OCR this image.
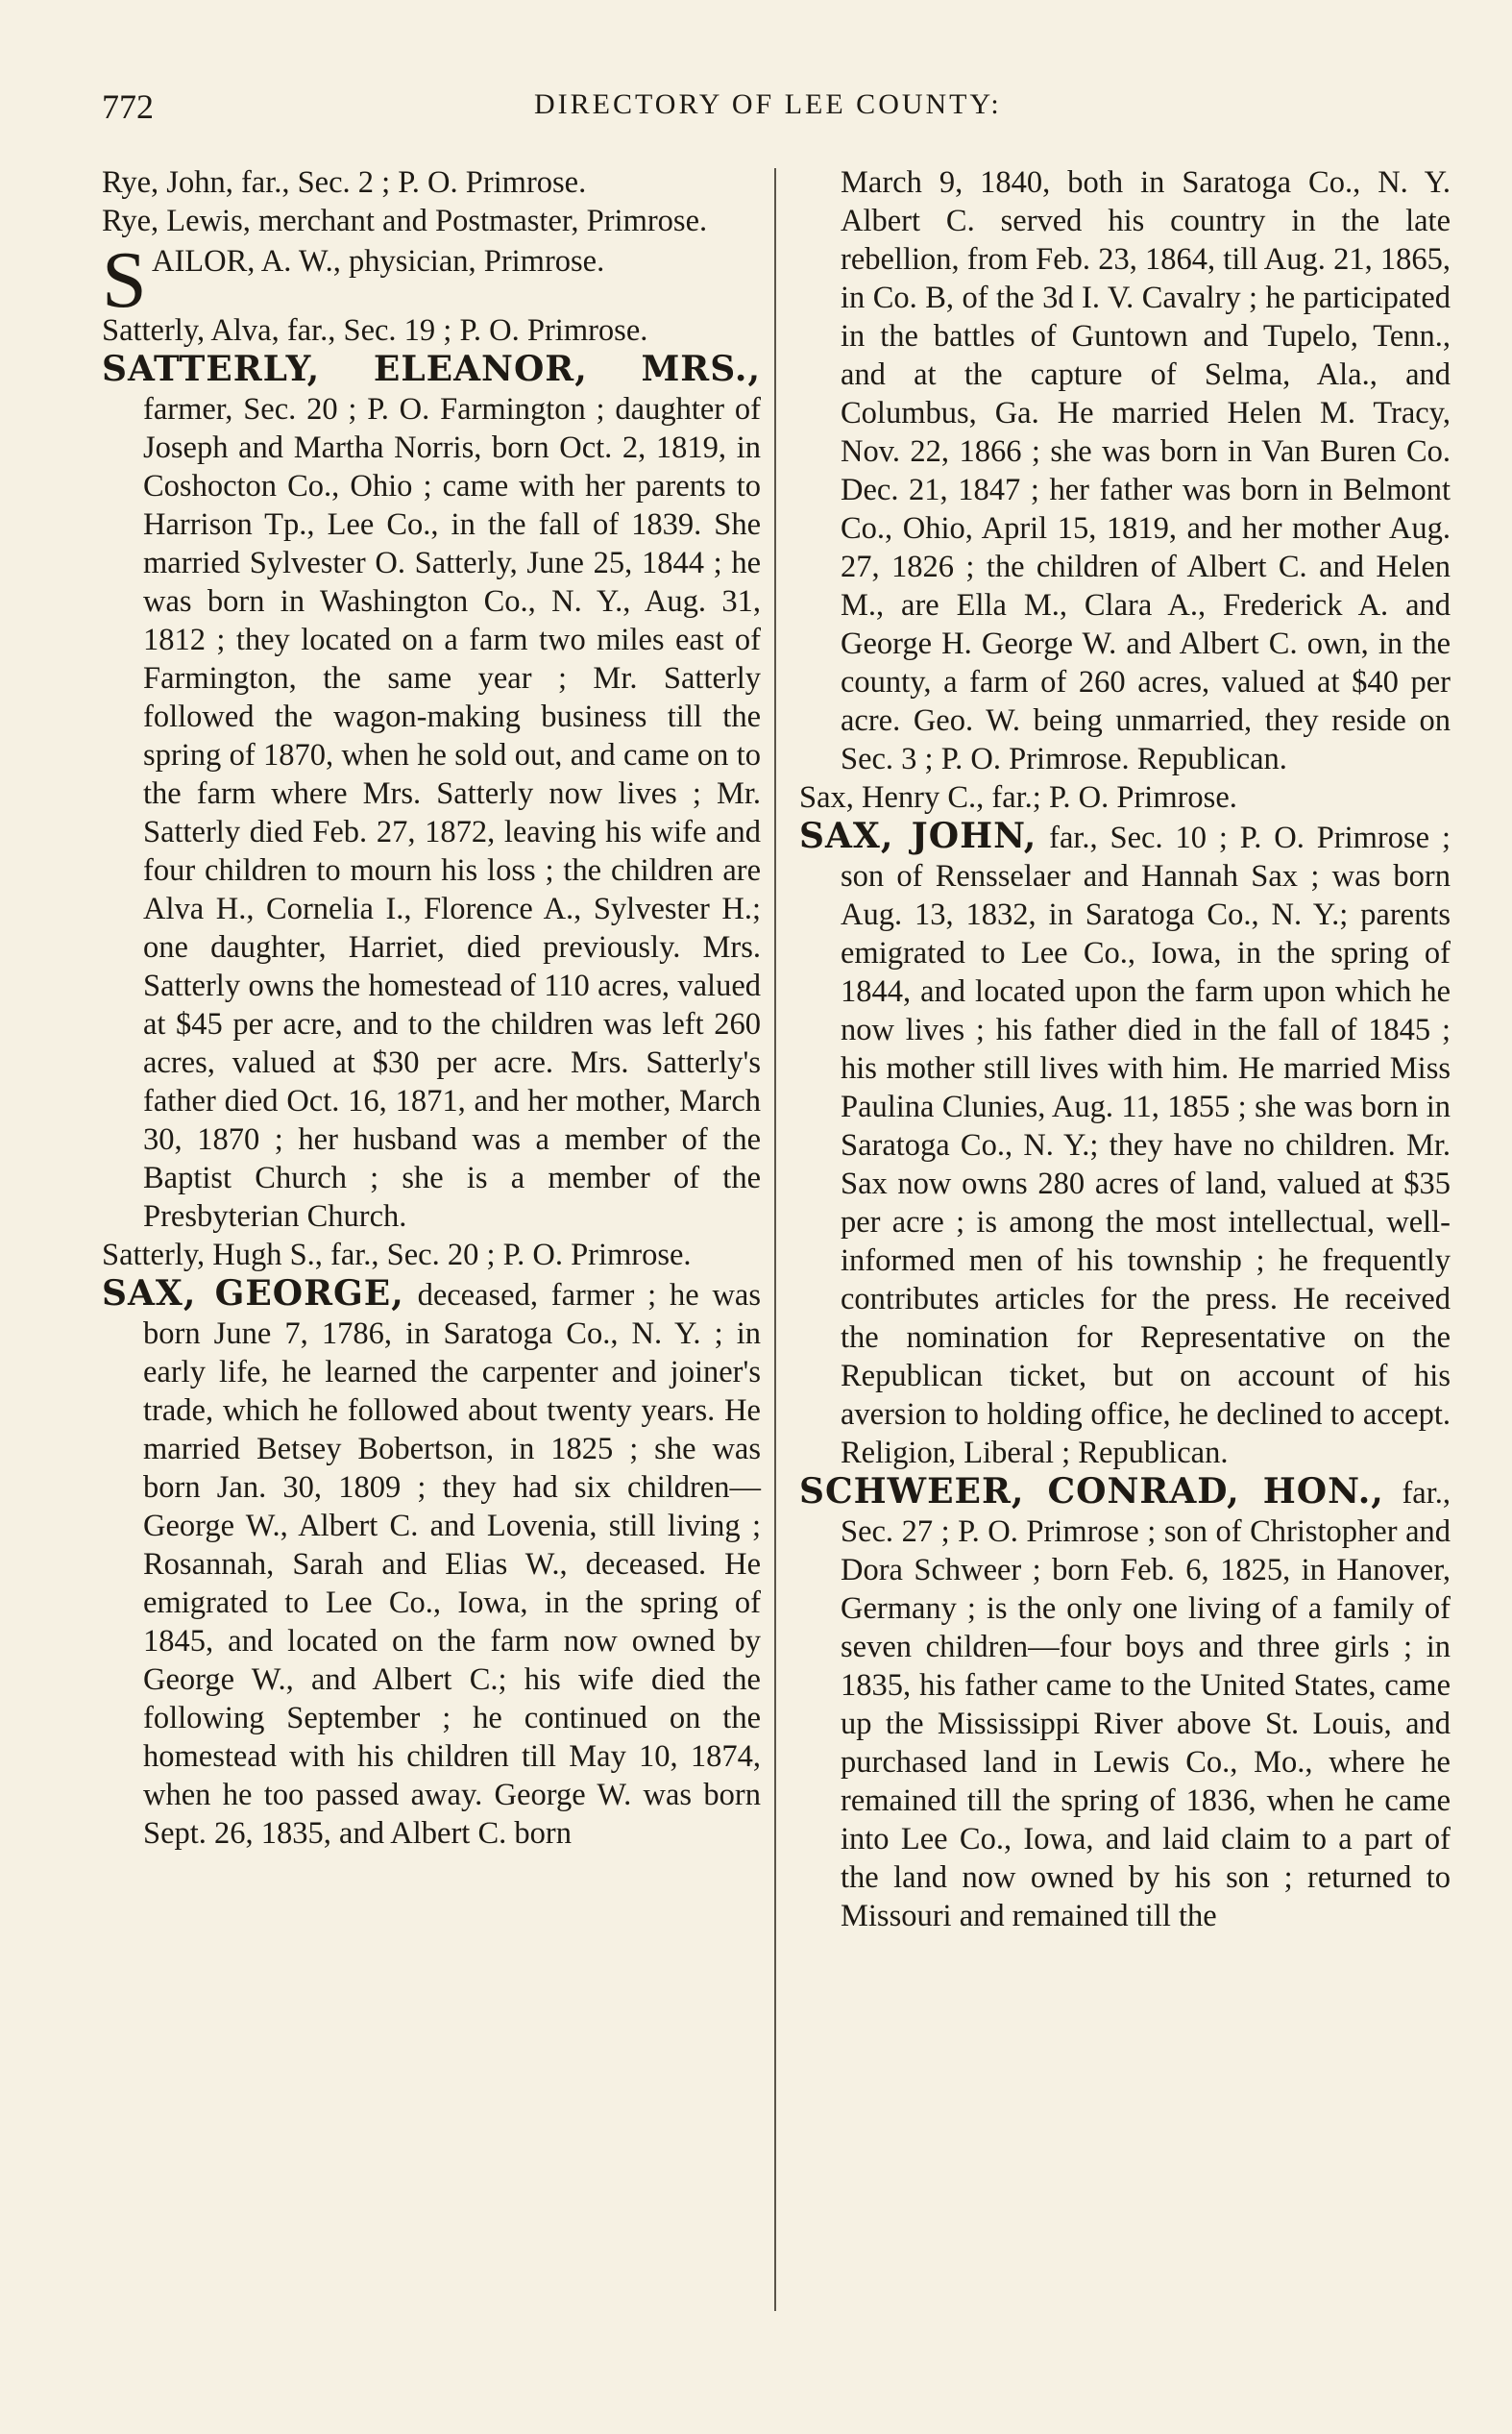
772	DIRECTORY OF LEE COUNTY:

Rye, John, far., Sec. 2 ; P. O. Primrose.

Rye, Lewis, merchant and Postmaster, Primrose.

S AILOR, A. W., physician, Primrose.

Satterly, Alva, far., Sec. 19 ; P. O. Primrose.

SATTERLY, ELEANOR, MRS., farmer, Sec. 20 ; P. O. Farmington ; daughter of Joseph and Martha Norris, born Oct. 2, 1819, in Coshocton Co., Ohio ; came with her parents to Harrison Tp., Lee Co., in the fall of 1839. She married Sylvester O. Satterly, June 25, 1844 ; he was born in Washington Co., N. Y., Aug. 31, 1812 ; they located on a farm two miles east of Farmington, the same year ; Mr. Satterly followed the wagon-making business till the spring of 1870, when he sold out, and came on to the farm where Mrs. Satterly now lives ; Mr. Satterly died Feb. 27, 1872, leaving his wife and four children to mourn his loss ; the children are Alva H., Cornelia I., Florence A., Sylvester H.; one daughter, Harriet, died previously. Mrs. Satterly owns the homestead of 110 acres, valued at $45 per acre, and to the children was left 260 acres, valued at $30 per acre. Mrs. Satterly's father died Oct. 16, 1871, and her mother, March 30, 1870 ; her husband was a member of the Baptist Church ; she is a member of the Presbyterian Church.

Satterly, Hugh S., far., Sec. 20 ; P. O. Primrose.

SAX, GEORGE, deceased, farmer ; he was born June 7, 1786, in Saratoga Co., N. Y. ; in early life, he learned the carpenter and joiner's trade, which he followed about twenty years. He married Betsey Bobertson, in 1825 ; she was born Jan. 30, 1809 ; they had six children—George W., Albert C. and Lovenia, still living ; Rosannah, Sarah and Elias W., deceased. He emigrated to Lee Co., Iowa, in the spring of 1845, and located on the farm now owned by George W., and Albert C.; his wife died the following September ; he continued on the homestead with his children till May 10, 1874, when he too passed away. George W. was born Sept. 26, 1835, and Albert C. born

March 9, 1840, both in Saratoga Co., N. Y. Albert C. served his country in the late rebellion, from Feb. 23, 1864, till Aug. 21, 1865, in Co. B, of the 3d I. V. Cavalry ; he participated in the battles of Guntown and Tupelo, Tenn., and at the capture of Selma, Ala., and Columbus, Ga. He married Helen M. Tracy, Nov. 22, 1866 ; she was born in Van Buren Co. Dec. 21, 1847 ; her father was born in Belmont Co., Ohio, April 15, 1819, and her mother Aug. 27, 1826 ; the children of Albert C. and Helen M., are Ella M., Clara A., Frederick A. and George H. George W. and Albert C. own, in the county, a farm of 260 acres, valued at $40 per acre. Geo. W. being unmarried, they reside on Sec. 3 ; P. O. Primrose. Republican.

Sax, Henry C., far.; P. O. Primrose.

SAX, JOHN, far., Sec. 10 ; P. O. Primrose ; son of Rensselaer and Hannah Sax ; was born Aug. 13, 1832, in Saratoga Co., N. Y.; parents emigrated to Lee Co., Iowa, in the spring of 1844, and located upon the farm upon which he now lives ; his father died in the fall of 1845 ; his mother still lives with him. He married Miss Paulina Clunies, Aug. 11, 1855 ; she was born in Saratoga Co., N. Y.; they have no children. Mr. Sax now owns 280 acres of land, valued at $35 per acre ; is among the most intellectual, well-informed men of his township ; he frequently contributes articles for the press. He received the nomination for Representative on the Republican ticket, but on account of his aversion to holding office, he declined to accept. Religion, Liberal ; Republican.

SCHWEER, CONRAD, HON., far., Sec. 27 ; P. O. Primrose ; son of Christopher and Dora Schweer ; born Feb. 6, 1825, in Hanover, Germany ; is the only one living of a family of seven children—four boys and three girls ; in 1835, his father came to the United States, came up the Mississippi River above St. Louis, and purchased land in Lewis Co., Mo., where he remained till the spring of 1836, when he came into Lee Co., Iowa, and laid claim to a part of the land now owned by his son ; returned to Missouri and remained till the
